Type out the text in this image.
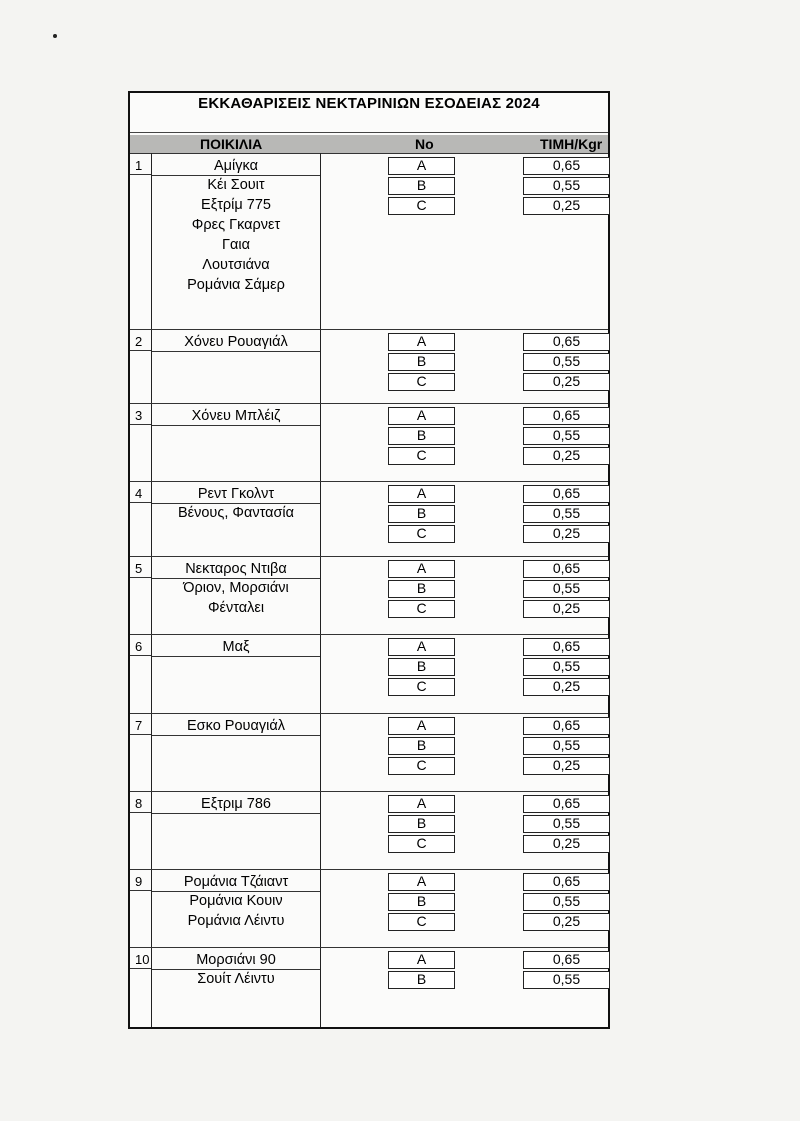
ΕΚΚΑΘΑΡΙΣΕΙΣ ΝΕΚΤΑΡΙΝΙΩΝ ΕΣΟΔΕΙΑΣ 2024
ΠΟΙΚΙΛΙΑ	No	ΤΙΜΗ/Kgr
1	Αμίγκα
Κέι Σουιτ
Εξτρίμ 775
Φρες Γκαρνετ
Γαια
Λουτσιάνα
Ρομάνια Σάμερ
A	0,65
B	0,55
C	0,25
2	Χόνευ Ρουαγιάλ	A	0,65
B	0,55
C	0,25
3	Χόνευ Μπλέιζ	A	0,65
B	0,55
C	0,25
4	Ρεντ Γκολντ
Βένους, Φαντασία
A	0,65
B	0,55
C	0,25
5	Νεκταρος Ντιβα
Όριον, Μορσιάνι
Φένταλει
A	0,65
B	0,55
C	0,25
6	Μαξ	A	0,65
B	0,55
C	0,25
7	Εσκο Ρουαγιάλ	A	0,65
B	0,55
C	0,25
8	Εξτριμ 786	A	0,65
B	0,55
C	0,25
9	Ρομάνια Τζάιαντ
Ρομάνια Κουιν
Ρομάνια Λέιντυ
A	0,65
B	0,55
C	0,25
10	Μορσιάνι 90
Σουίτ Λέιντυ
A	0,65
B	0,55
